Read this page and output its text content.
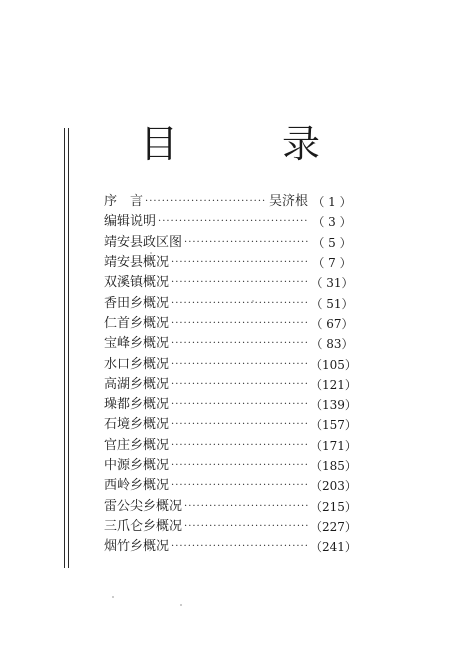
目	录
序　言 ·····	吴济根 （ 1 ）
编辑说明 ·····	（ 3 ）
靖安县政区图 ·····	（ 5 ）
靖安县概况 ·····	（ 7 ）
双溪镇概况 ·····	（ 31）
香田乡概况 ·····	（ 51）
仁首乡概况 ·····	（ 67）
宝峰乡概况 ·····	（ 83）
水口乡概况 ·····	（105）
高湖乡概况 ·····	（121）
璪都乡概况 ·····	（139）
石境乡概况 ·····	（157）
官庄乡概况 ·····	（171）
中源乡概况 ·····	（185）
西岭乡概况 ·····	（203）
雷公尖乡概况 ·····	（215）
三爪仑乡概况 ·····	（227）
烟竹乡概况 ·····	（241）
